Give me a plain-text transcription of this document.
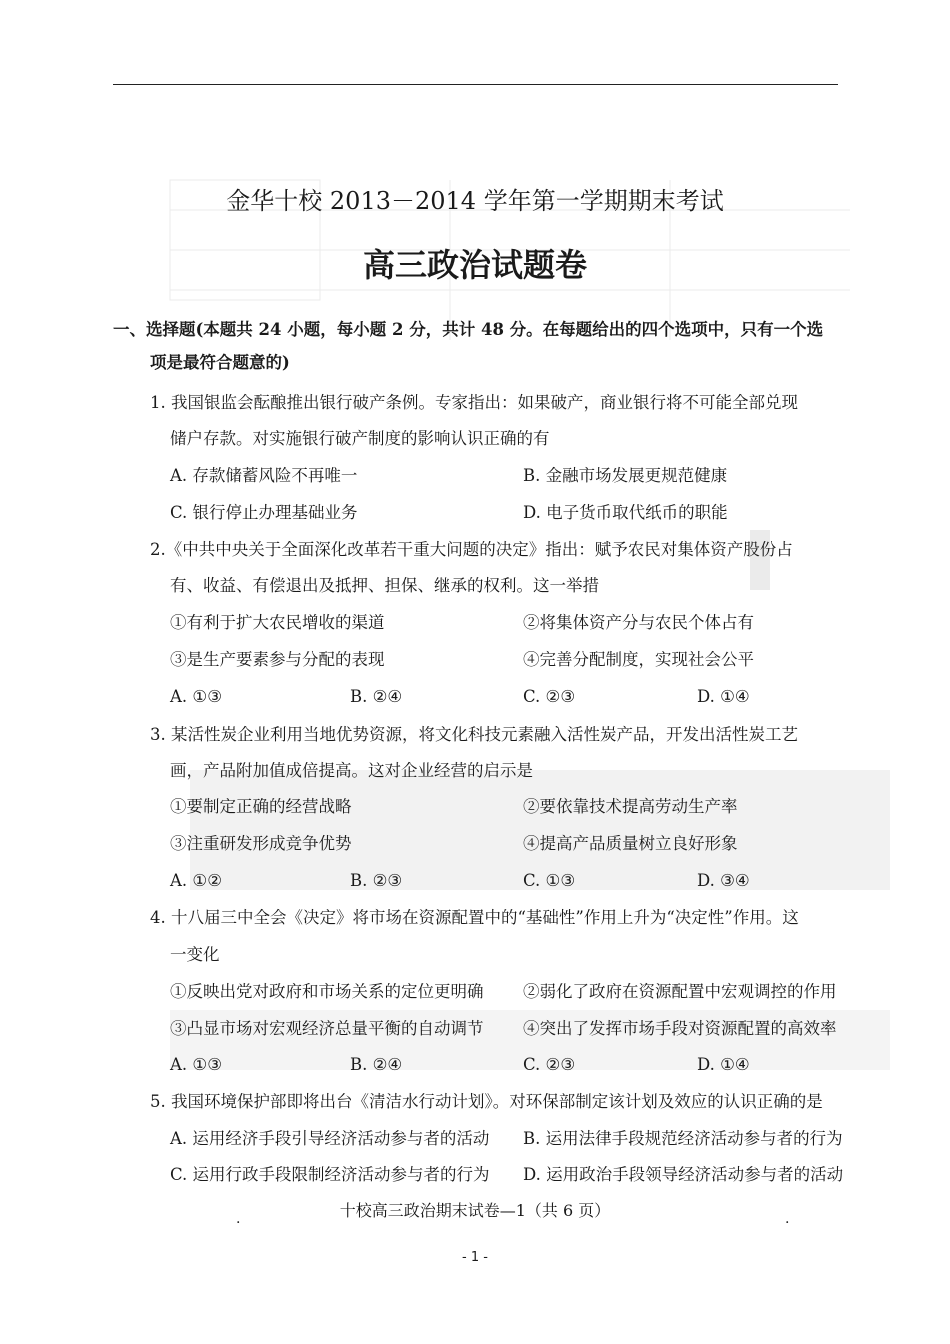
金华十校 2013－2014 学年第一学期期末考试
高三政治试题卷
一、选择题(本题共 24 小题，每小题 2 分，共计 48 分。在每题给出的四个选项中，只有一个选
项是最符合题意的)
1. 我国银监会酝酿推出银行破产条例。专家指出：如果破产，商业银行将不可能全部兑现
储户存款。对实施银行破产制度的影响认识正确的有
A. 存款储蓄风险不再唯一	B. 金融市场发展更规范健康
C. 银行停止办理基础业务	D. 电子货币取代纸币的职能
2.《中共中央关于全面深化改革若干重大问题的决定》指出：赋予农民对集体资产股份占
有、收益、有偿退出及抵押、担保、继承的权利。这一举措
①有利于扩大农民增收的渠道	②将集体资产分与农民个体占有
③是生产要素参与分配的表现	④完善分配制度，实现社会公平
A. ①③	B. ②④	C. ②③	D. ①④
3. 某活性炭企业利用当地优势资源，将文化科技元素融入活性炭产品，开发出活性炭工艺
画，产品附加值成倍提高。这对企业经营的启示是
①要制定正确的经营战略	②要依靠技术提高劳动生产率
③注重研发形成竞争优势	④提高产品质量树立良好形象
A. ①②	B. ②③	C. ①③	D. ③④
4. 十八届三中全会《决定》将市场在资源配置中的“基础性”作用上升为“决定性”作用。这
一变化
①反映出党对政府和市场关系的定位更明确 ②弱化了政府在资源配置中宏观调控的作用
③凸显市场对宏观经济总量平衡的自动调节 ④突出了发挥市场手段对资源配置的高效率
A. ①③	B. ②④	C. ②③	D. ①④
5. 我国环境保护部即将出台《清洁水行动计划》。对环保部制定该计划及效应的认识正确的是
A. 运用经济手段引导经济活动参与者的活动 B. 运用法律手段规范经济活动参与者的行为
C. 运用行政手段限制经济活动参与者的行为 D. 运用政治手段领导经济活动参与者的活动
.	十校高三政治期末试卷—1（共 6 页）	.
- 1 -
